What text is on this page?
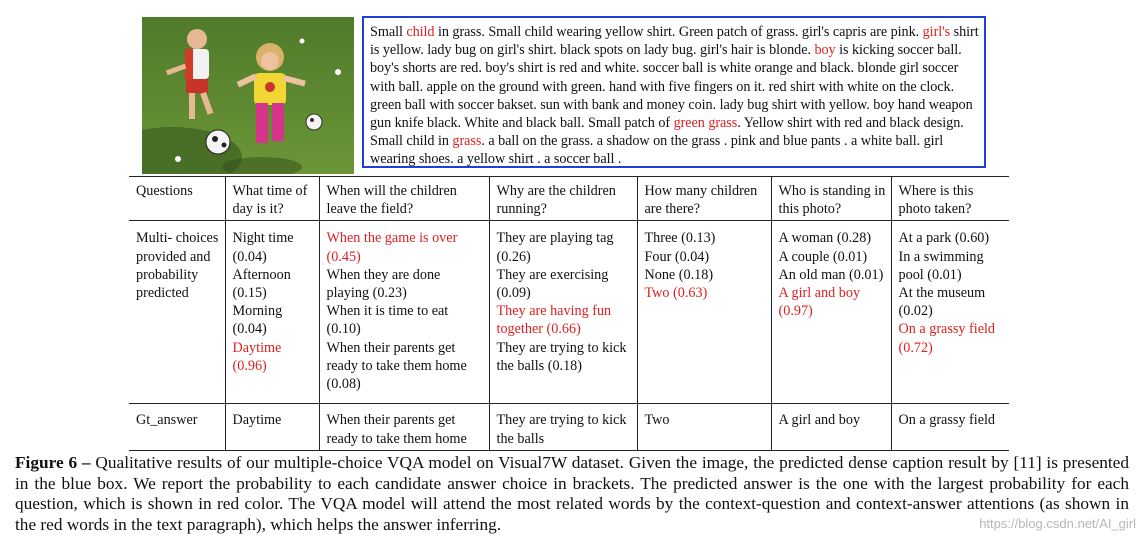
Small child in grass. Small child wearing yellow shirt. Green patch of grass. girl's capris are pink. girl's shirt is yellow. lady bug on girl's shirt. black spots on lady bug. girl's hair is blonde. boy is kicking soccer ball. boy's shorts are red. boy's shirt is red and white. soccer ball is white orange and black. blonde girl soccer with ball. apple on the ground with green. hand with five fingers on it. red shirt with white on the clock. green ball with soccer bakset. sun with bank and money coin. lady bug shirt with yellow. boy hand weapon gun knife black. White and black ball. Small patch of green grass. Yellow shirt with red and black design. Small child in grass. a ball on the grass. a shadow on the grass . pink and blue pants . a white ball. girl wearing shoes. a yellow shirt . a soccer ball .
Questions	What time of day is it?	When will the children leave the field?	Why are the children running?	How many children are there?	Who is standing in this photo?	Where is this photo taken?
Multi- choices provided and probability predicted	Night time (0.04)
Afternoon (0.15)
Morning (0.04)
Daytime (0.96)	When the game is over (0.45)
When they are done playing (0.23)
When it is time to eat (0.10)
When their parents get ready to take them home (0.08)	They are playing tag (0.26)
They are exercising (0.09)
They are having fun together (0.66)
They are trying to kick the balls (0.18)	Three (0.13)
Four (0.04)
None (0.18)
Two (0.63)	A woman (0.28)
A couple (0.01)
An old man (0.01)
A girl and boy (0.97)	At a park (0.60)
In a swimming pool (0.01)
At the museum (0.02)
On a grassy field (0.72)

Gt_answer	Daytime	When their parents get ready to take them home	They are trying to kick the balls	Two	A girl and boy	On a grassy field
Figure 6 – Qualitative results of our multiple-choice VQA model on Visual7W dataset. Given the image, the predicted dense caption result by [11] is presented in the blue box. We report the probability to each candidate answer choice in brackets. The predicted answer is the one with the largest probability for each question, which is shown in red color. The VQA model will attend the most related words by the context-question and context-answer attentions (as shown in the red words in the text paragraph), which helps the answer inferring.	https://blog.csdn.net/AI_girl
